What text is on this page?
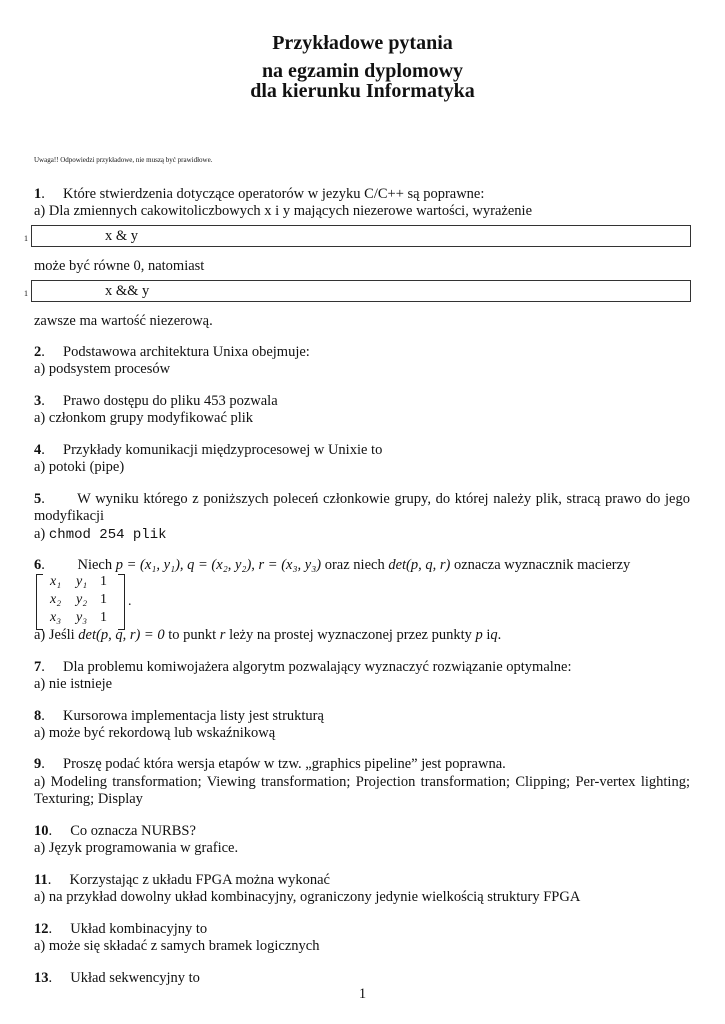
Przykładowe pytania
na egzamin dyplomowy
dla kierunku Informatyka
Uwaga!! Odpowiedzi przykładowe, nie muszą być prawidłowe.
1.     Które stwierdzenia dotyczące operatorów w jezyku C/C++ są poprawne:
a) Dla zmiennych cakowitoliczbowych x i y mających niezerowe wartości, wyrażenie
1	x & y
może być równe 0, natomiast
1	x && y
zawsze ma wartość niezerową.
2.     Podstawowa architektura Unixa obejmuje:
a) podsystem procesów
3.     Prawo dostępu do pliku 453 pozwala
a) członkom grupy modyfikować plik
4.     Przykłady komunikacji międzyprocesowej w Unixie to
a) potoki (pipe)
5.       W wyniku którego z poniższych poleceń członkowie grupy, do której należy plik, stracą prawo do jego modyfikacji
a) chmod 254 plik
6.         Niech p = (x₁, y₁), q = (x₂, y₂), r = (x₃, y₃) oraz niech det(p, q, r) oznacza wyznacznik macierzy
x₁ y₁ 1
x₂ y₂ 1
x₃ y₃ 1
.
a) Jeśli det(p, q, r) = 0 to punkt r leży na prostej wyznaczonej przez punkty p iq.
7.     Dla problemu komiwojażera algorytm pozwalający wyznaczyć rozwiązanie optymalne:
a) nie istnieje
8.     Kursorowa implementacja listy jest strukturą
a) może być rekordową lub wskaźnikową
9.     Proszę podać która wersja etapów w tzw. „graphics pipeline” jest poprawna.
a) Modeling transformation; Viewing transformation; Projection transformation; Clipping; Per-vertex lighting; Texturing; Display
10.     Co oznacza NURBS?
a) Język programowania w grafice.
11.     Korzystając z układu FPGA można wykonać
a) na przykład dowolny układ kombinacyjny, ograniczony jedynie wielkością struktury FPGA
12.     Układ kombinacyjny to
a) może się składać z samych bramek logicznych
13.     Układ sekwencyjny to
1
